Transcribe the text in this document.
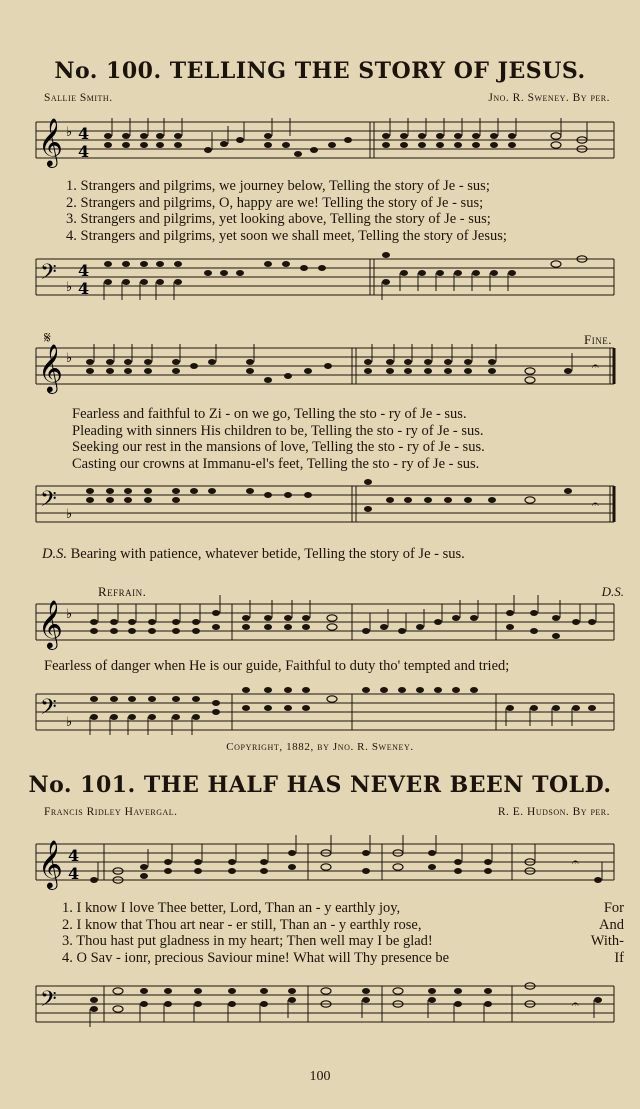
No. 100. TELLING THE STORY OF JESUS.
Sallie Smith.	Jno. R. Sweney. By per.
𝄞 ♭ 4
4
1. Strangers and pilgrims, we journey below, Telling the story of Je - sus;
2. Strangers and pilgrims, O, happy are we! Telling the story of Je - sus;
3. Strangers and pilgrims, yet looking above, Telling the story of Je - sus;
4. Strangers and pilgrims, yet soon we shall meet, Telling the story of Jesus;
𝄢 ♭
4
4
𝄋	Fine.
𝄞 ♭	𝄐
Fearless and faithful to Zi - on we go, Telling the sto - ry of Je - sus.
Pleading with sinners His children to be, Telling the sto - ry of Je - sus.
Seeking our rest in the mansions of love, Telling the sto - ry of Je - sus.
Casting our crowns at Immanu-el's feet, Telling the sto - ry of Je - sus.
𝄢 ♭
𝄐
D.S. Bearing with patience, whatever betide, Telling the story of Je - sus.
Refrain.	D.S.
𝄞 ♭
Fearless of danger when He is our guide, Faithful to duty tho' tempted and tried;
𝄢 ♭
Copyright, 1882, by Jno. R. Sweney.
No. 101. THE HALF HAS NEVER BEEN TOLD.
Francis Ridley Havergal.	R. E. Hudson. By per.
𝄞 4
4
𝄐
1. I know I love Thee better, Lord, Than an - y earthly joy,	For
2. I know that Thou art near - er still, Than an - y earthly rose,	And
3. Thou hast put gladness in my heart; Then well may I be glad!	With-
4. O Sav - ionr, precious Saviour mine! What will Thy presence be	If
𝄢	𝄐
100
